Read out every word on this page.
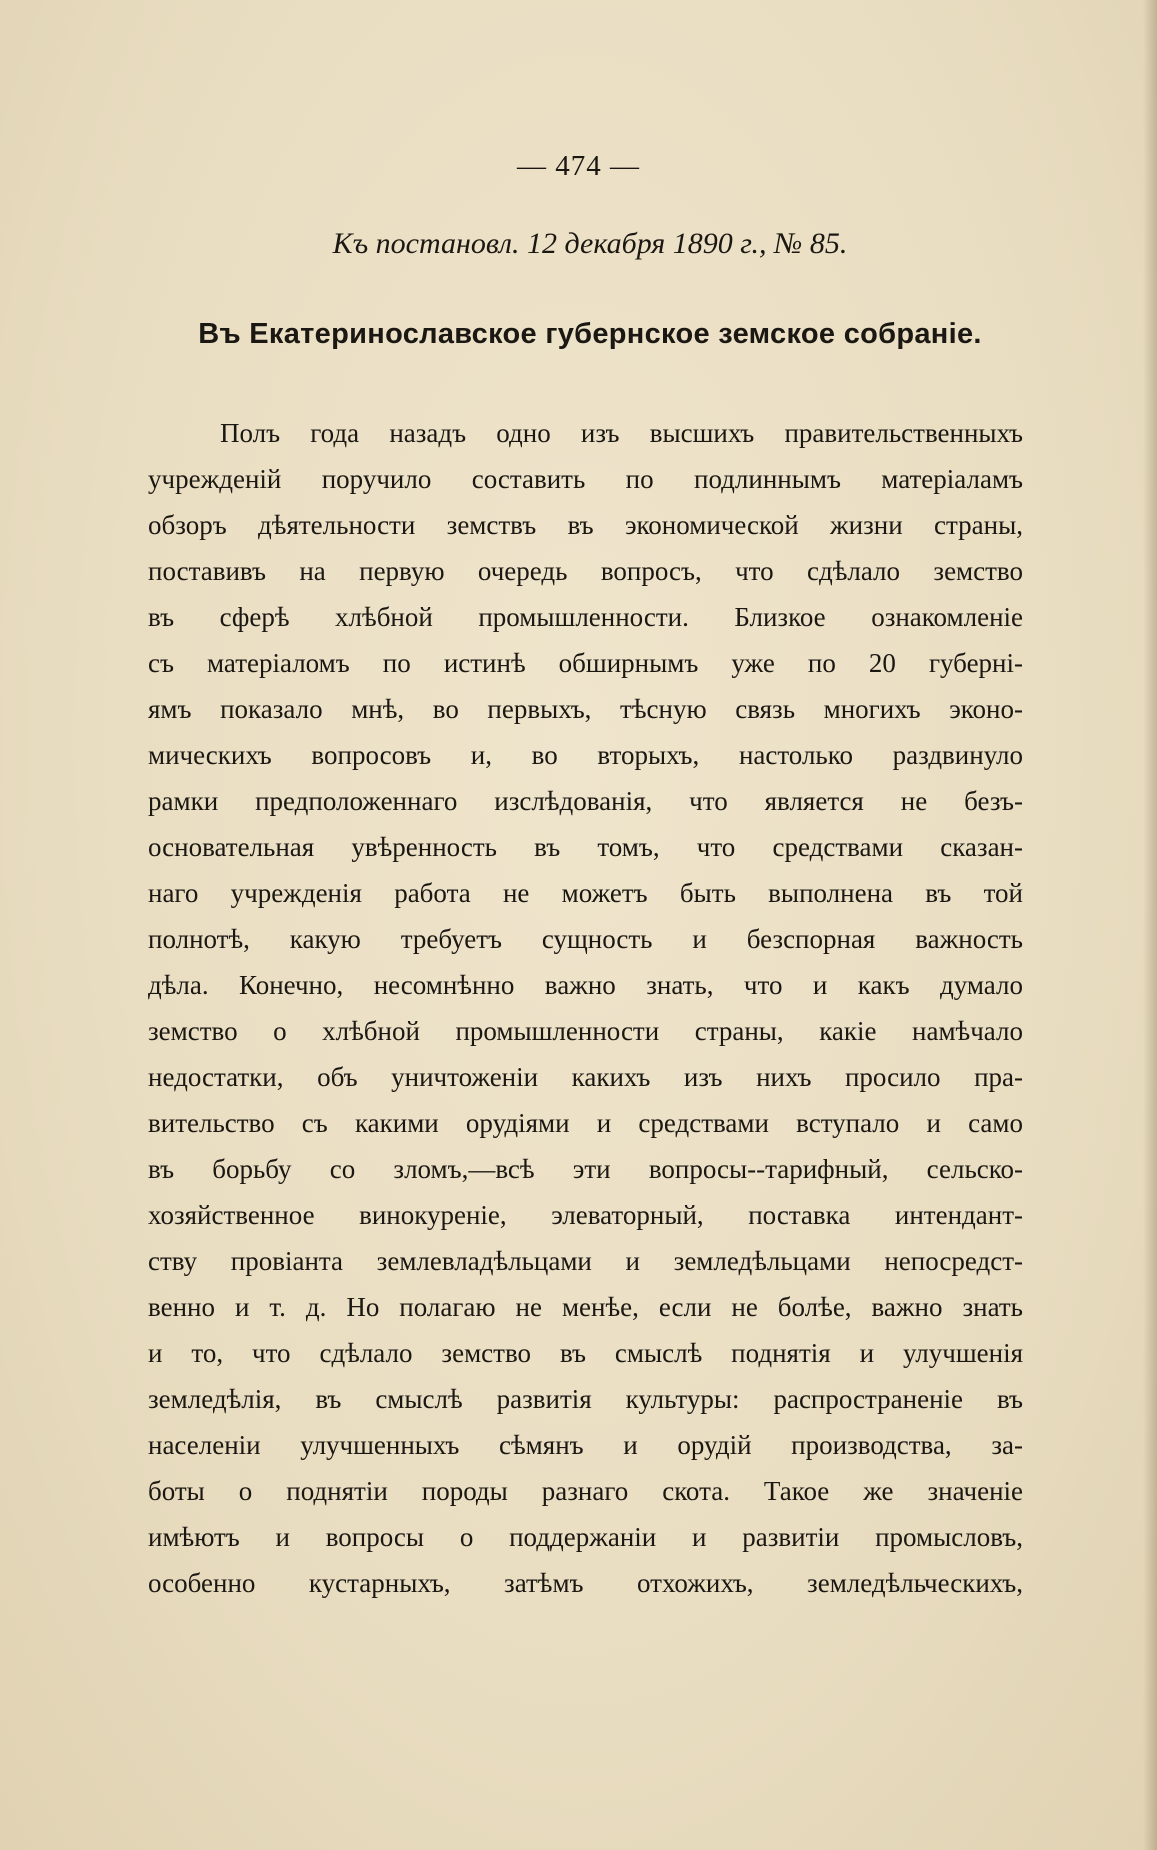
— 474 —
Къ постановл. 12 декабря 1890 г., № 85.
Въ Екатеринославское губернское земское собраніе.
Полъ года назадъ одно изъ высшихъ правительственныхъ
учрежденій поручило составить по подлиннымъ матеріаламъ
обзоръ дѣятельности земствъ въ экономической жизни страны,
поставивъ на первую очередь вопросъ, что сдѣлало земство
въ сферѣ хлѣбной промышленности. Близкое ознакомленіе
съ матеріаломъ по истинѣ обширнымъ уже по 20 губерні-
ямъ показало мнѣ, во первыхъ, тѣсную связь многихъ эконо-
мическихъ вопросовъ и, во вторыхъ, настолько раздвинуло
рамки предположеннаго изслѣдованія, что является не безъ-
основательная увѣренность въ томъ, что средствами сказан-
наго учрежденія работа не можетъ быть выполнена въ той
полнотѣ, какую требуетъ сущность и безспорная важность
дѣла. Конечно, несомнѣнно важно знать, что и какъ думало
земство о хлѣбной промышленности страны, какіе намѣчало
недостатки, объ уничтоженіи какихъ изъ нихъ просило пра-
вительство съ какими орудіями и средствами вступало и само
въ борьбу со зломъ,—всѣ эти вопросы--тарифный, сельско-
хозяйственное винокуреніе, элеваторный, поставка интендант-
ству провіанта землевладѣльцами и земледѣльцами непосредст-
венно и т. д. Но полагаю не менѣе, если не болѣе, важно знать
и то, что сдѣлало земство въ смыслѣ поднятія и улучшенія
земледѣлія, въ смыслѣ развитія культуры: распространеніе въ
населеніи улучшенныхъ сѣмянъ и орудій производства, за-
боты о поднятіи породы разнаго скота. Такое же значеніе
имѣютъ и вопросы о поддержаніи и развитіи промысловъ,
особенно кустарныхъ, затѣмъ отхожихъ, земледѣльческихъ,
